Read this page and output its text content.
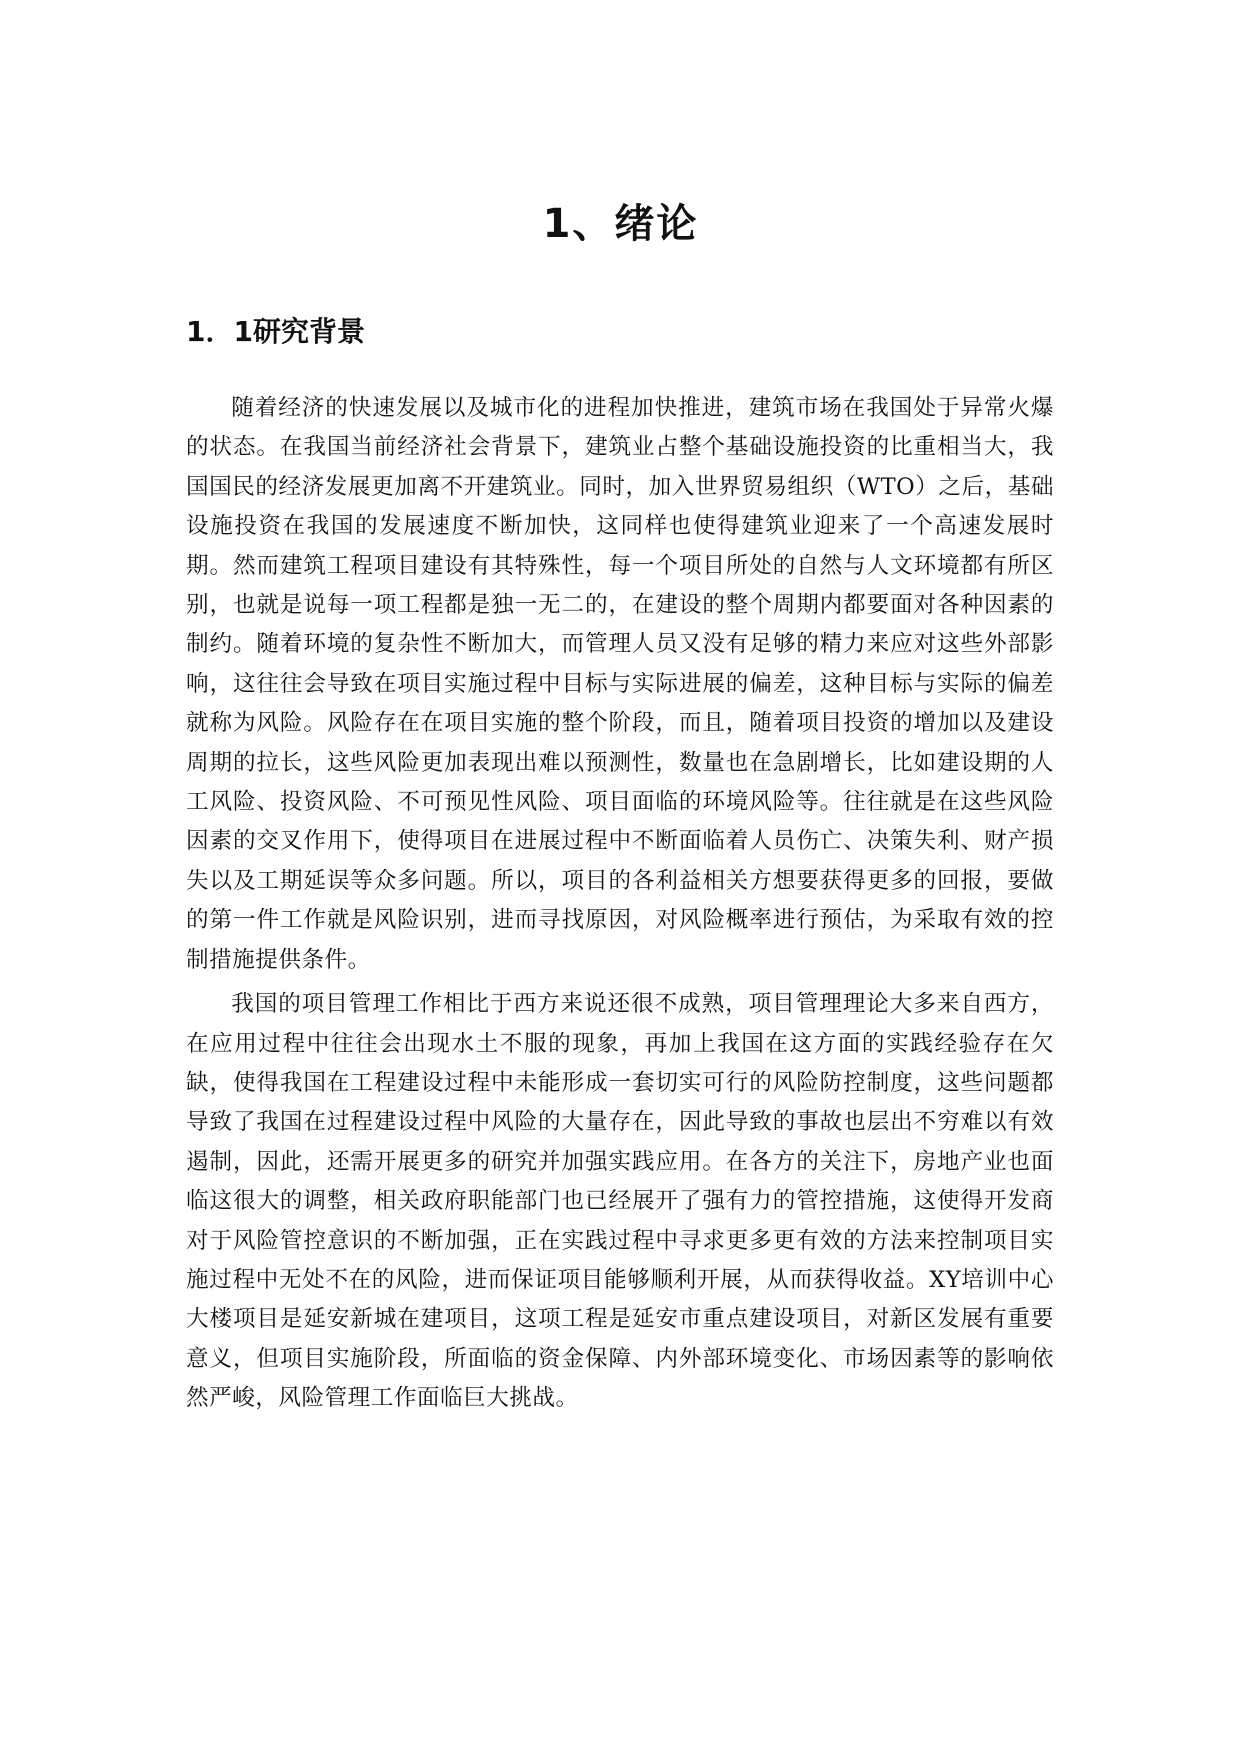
1、绪论
1．1研究背景

随着经济的快速发展以及城市化的进程加快推进，建筑市场在我国处于异常火爆的状态。在我国当前经济社会背景下，建筑业占整个基础设施投资的比重相当大，我国国民的经济发展更加离不开建筑业。同时，加入世界贸易组织（WTO）之后，基础设施投资在我国的发展速度不断加快，这同样也使得建筑业迎来了一个高速发展时期。然而建筑工程项目建设有其特殊性，每一个项目所处的自然与人文环境都有所区别，也就是说每一项工程都是独一无二的，在建设的整个周期内都要面对各种因素的制约。随着环境的复杂性不断加大，而管理人员又没有足够的精力来应对这些外部影响，这往往会导致在项目实施过程中目标与实际进展的偏差，这种目标与实际的偏差就称为风险。风险存在在项目实施的整个阶段，而且，随着项目投资的增加以及建设周期的拉长，这些风险更加表现出难以预测性，数量也在急剧增长，比如建设期的人工风险、投资风险、不可预见性风险、项目面临的环境风险等。往往就是在这些风险因素的交叉作用下，使得项目在进展过程中不断面临着人员伤亡、决策失利、财产损失以及工期延误等众多问题。所以，项目的各利益相关方想要获得更多的回报，要做的第一件工作就是风险识别，进而寻找原因，对风险概率进行预估，为采取有效的控制措施提供条件。

我国的项目管理工作相比于西方来说还很不成熟，项目管理理论大多来自西方，在应用过程中往往会出现水土不服的现象，再加上我国在这方面的实践经验存在欠缺，使得我国在工程建设过程中未能形成一套切实可行的风险防控制度，这些问题都导致了我国在过程建设过程中风险的大量存在，因此导致的事故也层出不穷难以有效遏制，因此，还需开展更多的研究并加强实践应用。在各方的关注下，房地产业也面临这很大的调整，相关政府职能部门也已经展开了强有力的管控措施，这使得开发商对于风险管控意识的不断加强，正在实践过程中寻求更多更有效的方法来控制项目实施过程中无处不在的风险，进而保证项目能够顺利开展，从而获得收益。XY培训中心大楼项目是延安新城在建项目，这项工程是延安市重点建设项目，对新区发展有重要意义，但项目实施阶段，所面临的资金保障、内外部环境变化、市场因素等的影响依然严峻，风险管理工作面临巨大挑战。
